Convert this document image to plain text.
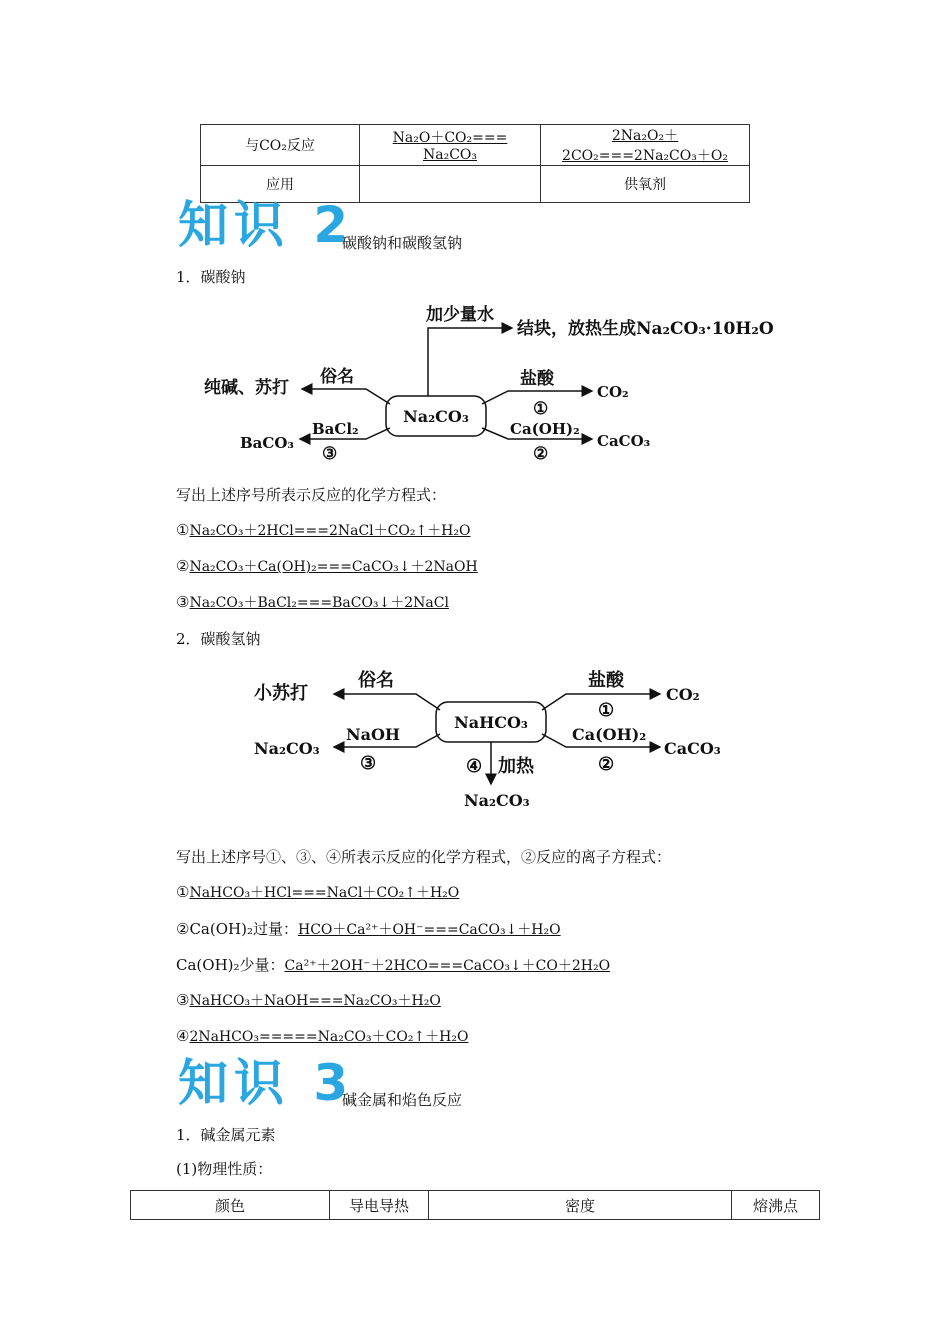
与CO₂反应	Na₂O＋CO₂=== Na₂CO₃	2Na₂O₂＋2CO₂===2Na₂CO₃＋O₂
应用		供氧剂
知识 2
碳酸钠和碳酸氢钠
1．碳酸钠
Na₂CO₃
加少量水
结块，放热生成Na₂CO₃·10H₂O
俗名
纯碱、苏打
BaCl₂
③
BaCO₃
盐酸
①
CO₂
Ca(OH)₂
②
CaCO₃
写出上述序号所表示反应的化学方程式：
①Na₂CO₃＋2HCl===2NaCl＋CO₂↑＋H₂O
②Na₂CO₃＋Ca(OH)₂===CaCO₃↓＋2NaOH
③Na₂CO₃＋BaCl₂===BaCO₃↓＋2NaCl
2．碳酸氢钠
NaHCO₃
俗名
小苏打
NaOH
③
Na₂CO₃
盐酸
①
CO₂
Ca(OH)₂
②
CaCO₃
④ 加热
Na₂CO₃
写出上述序号①、③、④所表示反应的化学方程式，②反应的离子方程式：
①NaHCO₃＋HCl===NaCl＋CO₂↑＋H₂O
②Ca(OH)₂过量：HCO＋Ca²⁺＋OH⁻===CaCO₃↓＋H₂O
Ca(OH)₂少量：Ca²⁺＋2OH⁻＋2HCO===CaCO₃↓＋CO＋2H₂O
③NaHCO₃＋NaOH===Na₂CO₃＋H₂O
④2NaHCO₃=====Na₂CO₃＋CO₂↑＋H₂O
知识 3
碱金属和焰色反应
1．碱金属元素
(1)物理性质：
颜色	导电导热	密度	熔沸点
